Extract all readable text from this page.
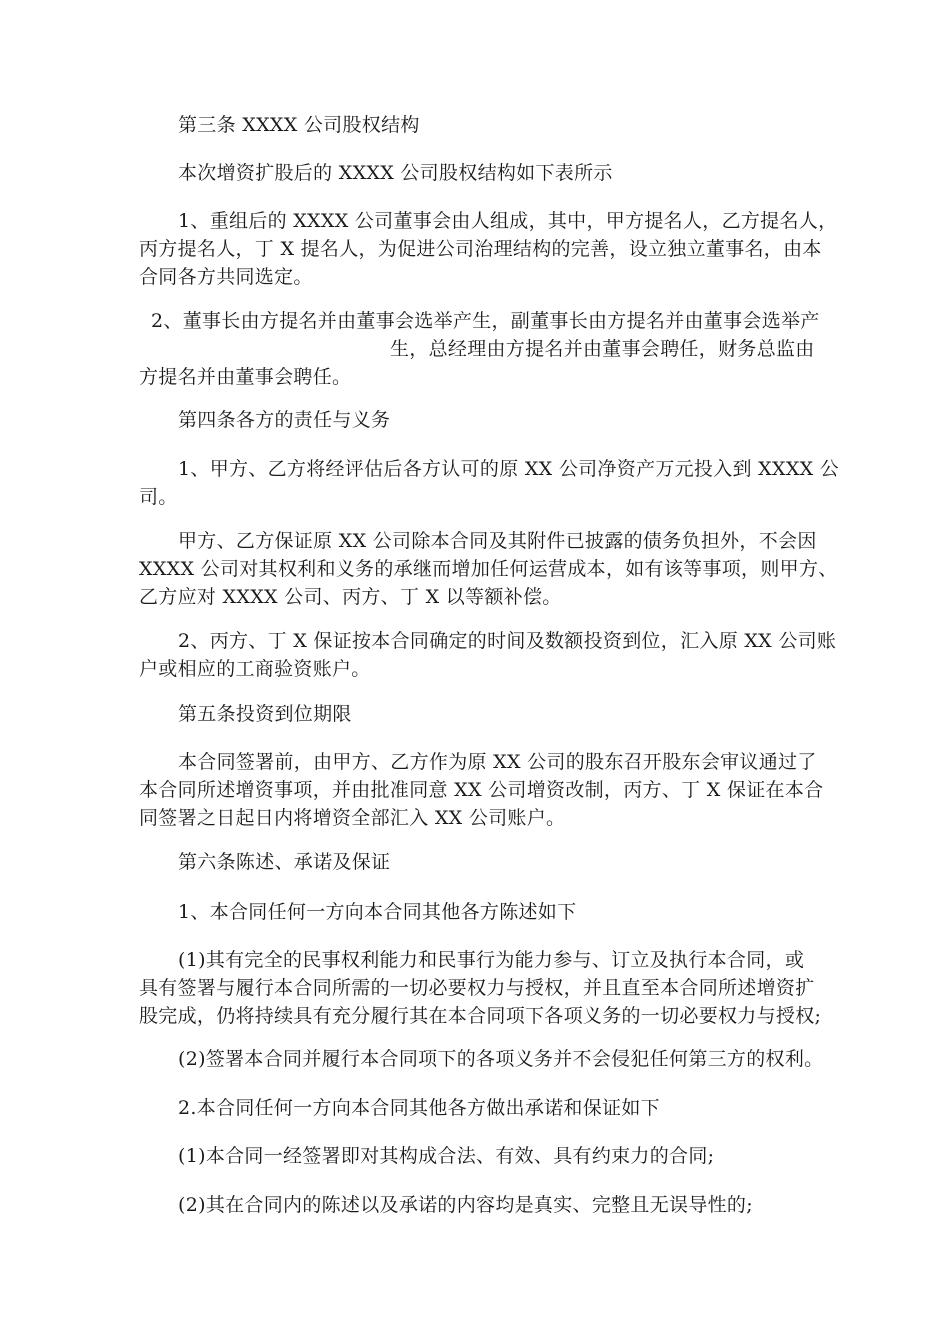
第三条 XXXX 公司股权结构

本次增资扩股后的 XXXX 公司股权结构如下表所示

1、重组后的 XXXX 公司董事会由人组成，其中，甲方提名人，乙方提名人，
丙方提名人，丁 X 提名人，为促进公司治理结构的完善，设立独立董事名，由本
合同各方共同选定。

2、董事长由方提名并由董事会选举产生，副董事长由方提名并由董事会选举产
生，总经理由方提名并由董事会聘任，财务总监由
方提名并由董事会聘任。

第四条各方的责任与义务

1、甲方、乙方将经评估后各方认可的原 XX 公司净资产万元投入到 XXXX 公
司。

甲方、乙方保证原 XX 公司除本合同及其附件已披露的债务负担外，不会因
XXXX 公司对其权利和义务的承继而增加任何运营成本，如有该等事项，则甲方、
乙方应对 XXXX 公司、丙方、丁 X 以等额补偿。

2、丙方、丁 X 保证按本合同确定的时间及数额投资到位，汇入原 XX 公司账
户或相应的工商验资账户。

第五条投资到位期限

本合同签署前，由甲方、乙方作为原 XX 公司的股东召开股东会审议通过了
本合同所述增资事项，并由批准同意 XX 公司增资改制，丙方、丁 X 保证在本合
同签署之日起日内将增资全部汇入 XX 公司账户。

第六条陈述、承诺及保证

1、本合同任何一方向本合同其他各方陈述如下

(1)其有完全的民事权利能力和民事行为能力参与、订立及执行本合同，或
具有签署与履行本合同所需的一切必要权力与授权，并且直至本合同所述增资扩
股完成，仍将持续具有充分履行其在本合同项下各项义务的一切必要权力与授权;

(2)签署本合同并履行本合同项下的各项义务并不会侵犯任何第三方的权利。

2.本合同任何一方向本合同其他各方做出承诺和保证如下

(1)本合同一经签署即对其构成合法、有效、具有约束力的合同;

(2)其在合同内的陈述以及承诺的内容均是真实、完整且无误导性的;
